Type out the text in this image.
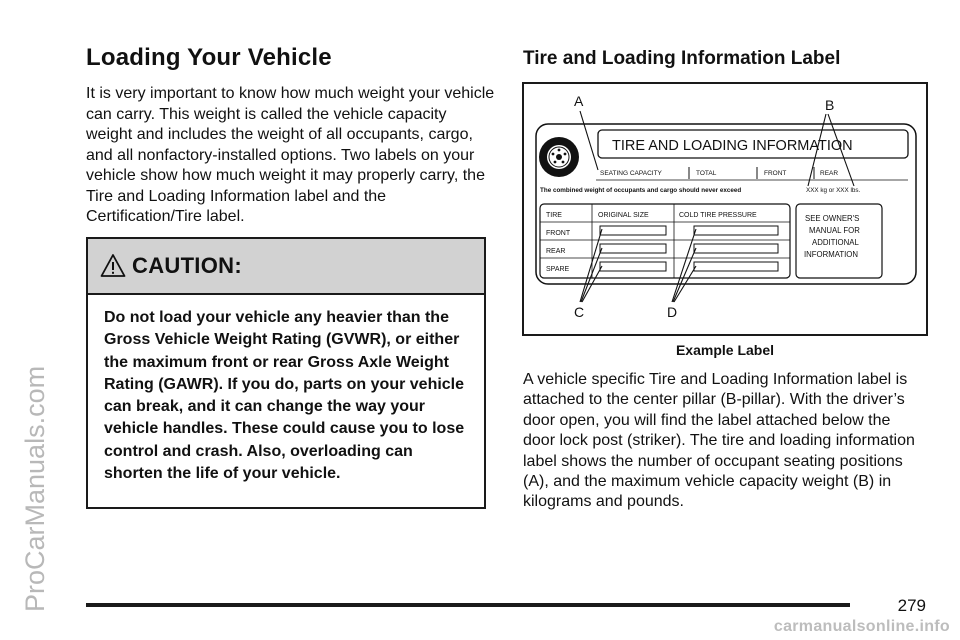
ProCarManuals.com
Loading Your Vehicle

It is very important to know how much weight your vehicle can carry. This weight is called the vehicle capacity weight and includes the weight of all occupants, cargo, and all nonfactory-installed options. Two labels on your vehicle show how much weight it may properly carry, the Tire and Loading Information label and the Certification/Tire label.

CAUTION:
Do not load your vehicle any heavier than the Gross Vehicle Weight Rating (GVWR), or either the maximum front or rear Gross Axle Weight Rating (GAWR). If you do, parts on your vehicle can break, and it can change the way your vehicle handles. These could cause you to lose control and crash. Also, overloading can shorten the life of your vehicle.
Tire and Loading Information Label
A	B
C	D
TIRE AND LOADING INFORMATION
SEATING CAPACITY	TOTAL	FRONT	REAR
The combined weight of occupants and cargo should never exceed	XXX kg or XXX lbs.
TIRE	ORIGINAL SIZE	COLD TIRE PRESSURE
FRONT
REAR
SPARE
SEE OWNER'S
MANUAL FOR
ADDITIONAL
INFORMATION
Example Label

A vehicle specific Tire and Loading Information label is attached to the center pillar (B-pillar). With the driver’s door open, you will find the label attached below the door lock post (striker). The tire and loading information label shows the number of occupant seating positions (A), and the maximum vehicle capacity weight (B) in kilograms and pounds.

279
carmanualsonline.info
